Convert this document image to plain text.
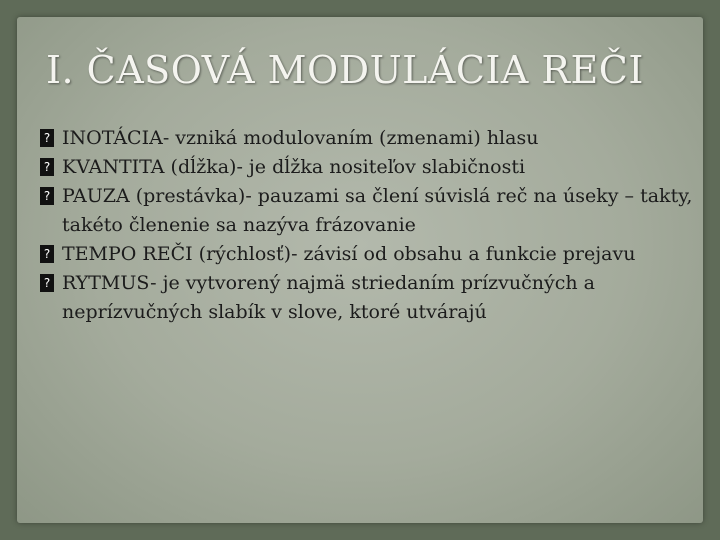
I. ČASOVÁ MODULÁCIA REČI
? INOTÁCIA- vzniká modulovaním (zmenami) hlasu
? KVANTITA (dĺžka)- je dĺžka nositeľov slabičnosti
? PAUZA (prestávka)- pauzami sa člení súvislá reč na úseky – takty, takéto členenie sa nazýva frázovanie
? TEMPO REČI (rýchlosť)- závisí od obsahu a funkcie prejavu
? RYTMUS- je vytvorený najmä striedaním prízvučných a neprízvučných slabík v slove, ktoré utvárajú
